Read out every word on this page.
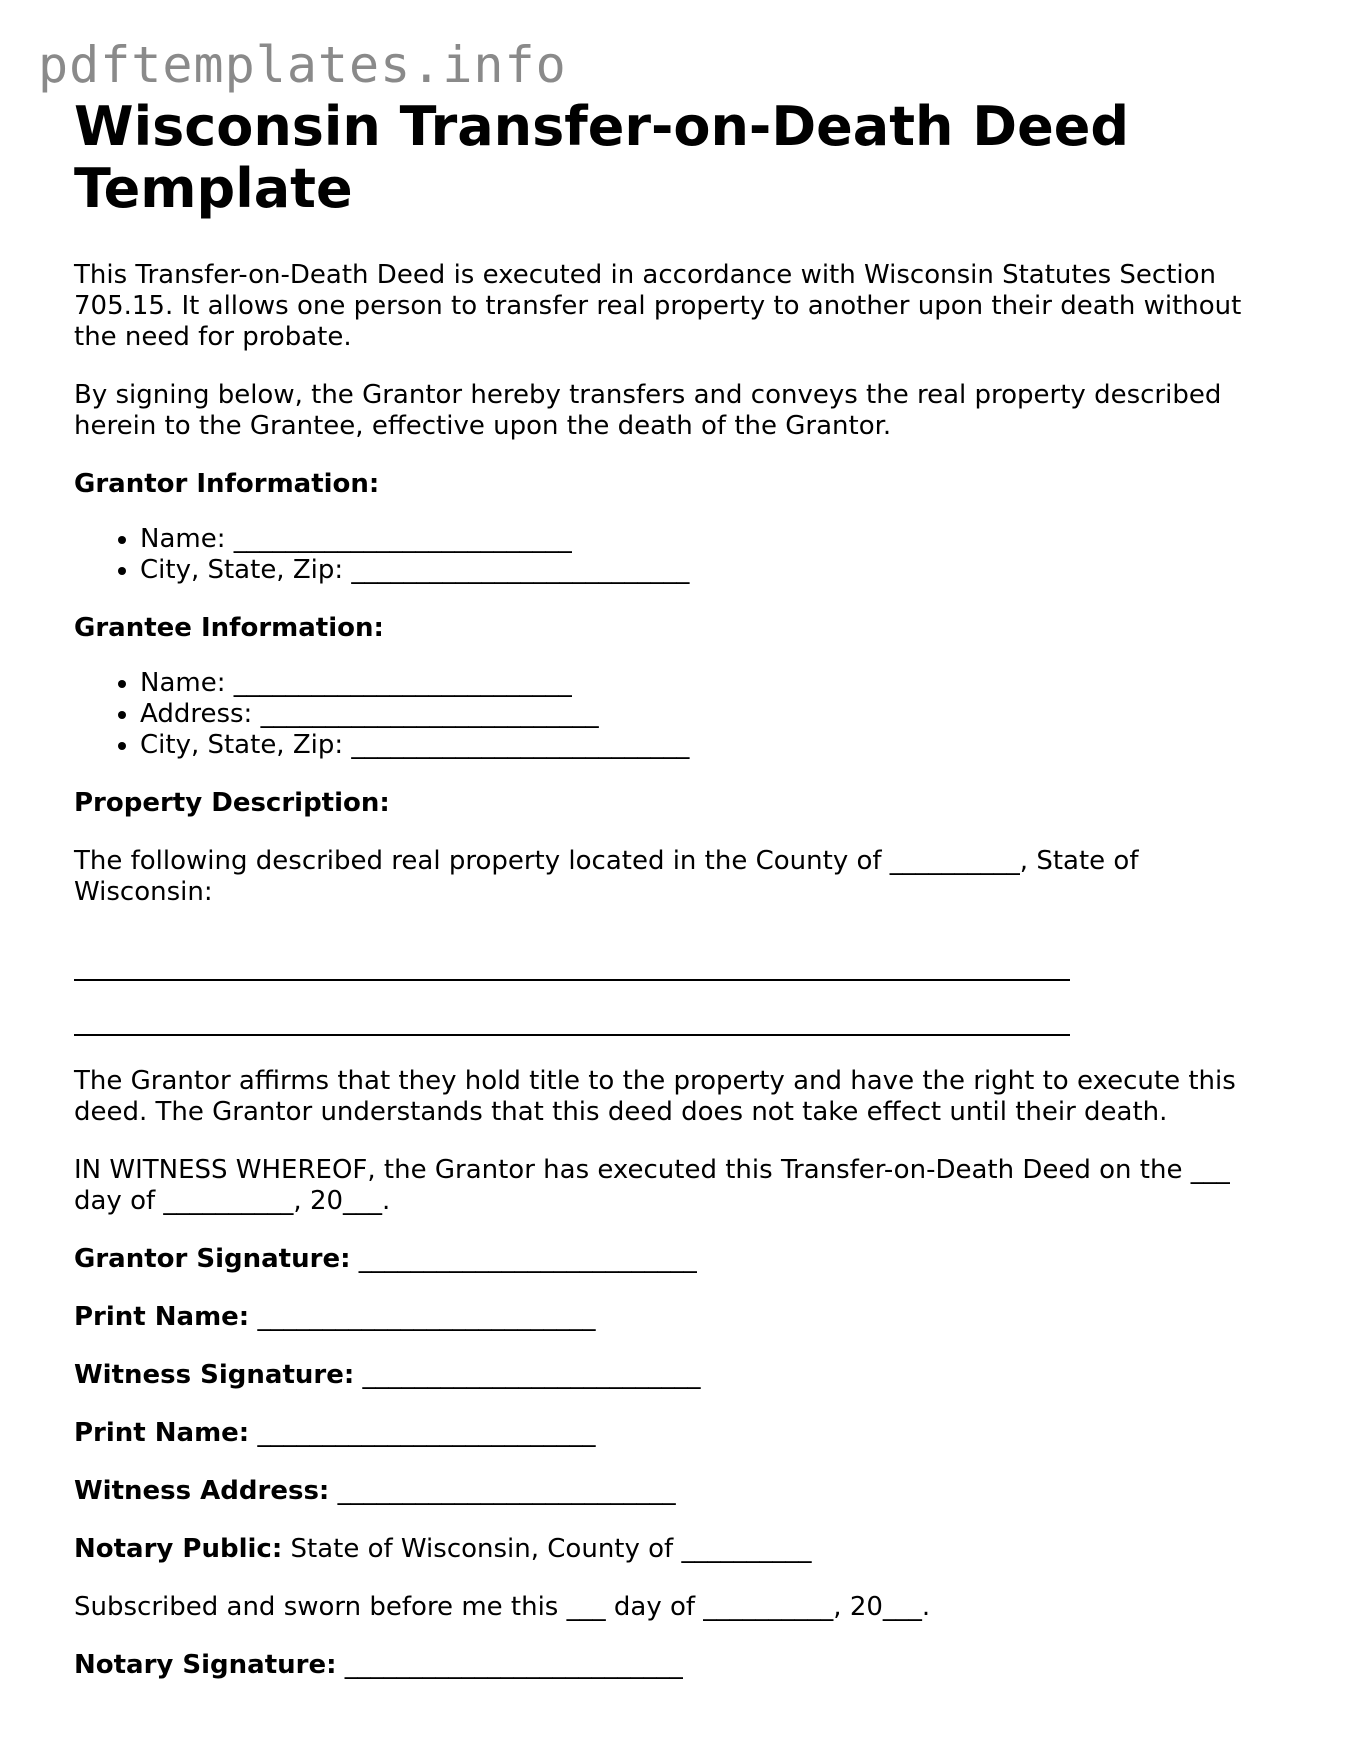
pdftemplates.info
Wisconsin Transfer-on-Death Deed Template

This Transfer-on-Death Deed is executed in accordance with Wisconsin Statutes Section 705.15. It allows one person to transfer real property to another upon their death without the need for probate.

By signing below, the Grantor hereby transfers and conveys the real property described herein to the Grantee, effective upon the death of the Grantor.

Grantor Information:

• Name: __________________________
• City, State, Zip: __________________________

Grantee Information:

• Name: __________________________
• Address: __________________________
• City, State, Zip: __________________________

Property Description:

The following described real property located in the County of __________, State of Wisconsin:

The Grantor affirms that they hold title to the property and have the right to execute this deed. The Grantor understands that this deed does not take effect until their death.

IN WITNESS WHEREOF, the Grantor has executed this Transfer-on-Death Deed on the ___ day of __________, 20___.

Grantor Signature: __________________________

Print Name: __________________________

Witness Signature: __________________________

Print Name: __________________________

Witness Address: __________________________

Notary Public: State of Wisconsin, County of __________

Subscribed and sworn before me this ___ day of __________, 20___.

Notary Signature: __________________________
